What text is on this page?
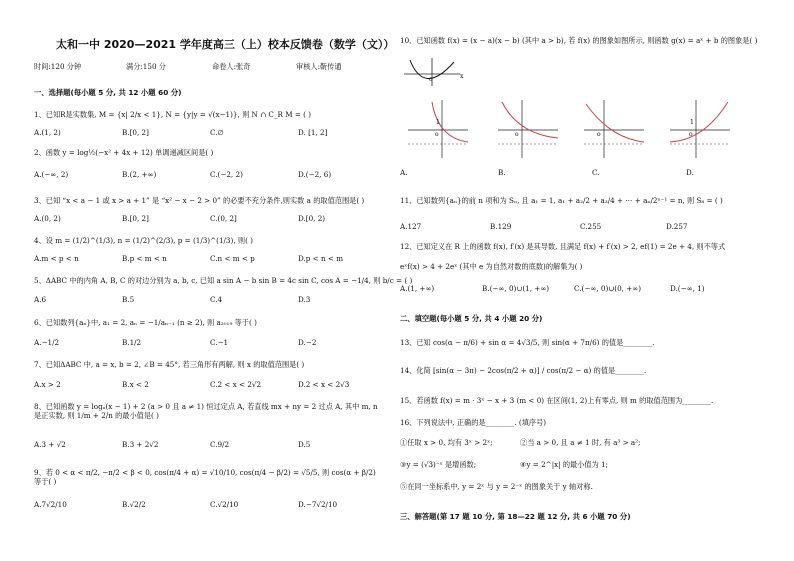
太和一中 2020—2021 学年度高三（上）校本反馈卷（数学（文））
时间:120 分钟	满分:150 分	命卷人:张奇	审核人:靳传通
一、选择题(每小题 5 分, 共 12 小题 60 分)
1、已知R是实数集, M = {x| 2/x < 1}, N = {y|y = √(x−1)}, 则 N ∩ C_R M = ( )
A.(1, 2)	B.[0, 2]	C.∅	D. [1, 2]
2、函数 y = log½(−x² + 4x + 12) 单调递减区间是( )
A.(−∞, 2)	B.(2, +∞)	C.(−2, 2)	D.(−2, 6)
3、已知 “x < a − 1 或 x > a + 1” 是 “x² − x − 2 > 0” 的必要不充分条件,则实数 a 的取值范围是( )
A.(0, 2)	B.[0, 2]	C.(0, 2]	D.[0, 2)
4、设 m = (1/2)^(1/3), n = (1/2)^(2/3), p = (1/3)^(1/3), 则( )
A.m < p < n	B.p < m < n	C.n < m < p	D.p < n < m
5、ΔABC 中的内角 A, B, C 的对边分别为 a, b, c, 已知 a sin A − b sin B = 4c sin C, cos A = −1/4, 则 b/c = ( )
A.6	B.5	C.4	D.3
6、已知数列{aₙ}中, a₁ = 2, aₙ = −1/aₙ₋₁ (n ≥ 2), 则 a₂₀₁₉ 等于( )
A.−1/2	B.1/2	C.−1	D.−2
7、已知ΔABC 中, a = x, b = 2, ∠B = 45°, 若三角形有两解, 则 x 的取值范围是( )
A.x > 2	B.x < 2	C.2 < x < 2√2	D.2 < x < 2√3
8、已知函数 y = logₐ(x − 1) + 2 (a > 0 且 a ≠ 1) 恒过定点 A, 若直线 mx + ny = 2 过点 A, 其中 m, n 是正实数, 则 1/m + 2/n 的最小值是( )
A.3 + √2	B.3 + 2√2	C.9/2	D.5
9、若 0 < α < π/2, −π/2 < β < 0, cos(π/4 + α) = √10/10, cos(π/4 − β/2) = √5/5, 则 cos(α + β/2) 等于( )
A.7√2/10	B.√2/2	C.√2/10	D.−7√2/10
10、已知函数 f(x) = (x − a)(x − b) (其中 a > b), 若 f(x) 的图象如图所示, 则函数 g(x) = aˣ + b 的图象是( )
o	x
1
o	o	o
1
o
A.	B.	C.	D.
11、已知数列{aₙ}的前 n 项和为 Sₙ, 且 a₁ = 1, a₁ + a₂/2 + a₃/4 + ⋯ + aₙ/2ⁿ⁻¹ = n, 则 S₈ = ( )
A.127	B.129	C.255	D.257
12、已知定义在 R 上的函数 f(x), f′(x) 是其导数, 且满足 f(x) + f′(x) > 2, ef(1) = 2e + 4, 则不等式
eˣf(x) > 4 + 2eˣ (其中 e 为自然对数的底数)的解集为( )
A.(1, +∞)	B.(−∞, 0)∪(1, +∞)	C.(−∞, 0)∪(0, +∞)	D.(−∞, 1)
二、填空题(每小题 5 分, 共 4 小题 20 分)
13、已知 cos(α − π/6) + sin α = 4√3/5, 则 sin(α + 7π/6) 的值是________.
14、化简 [sin(α − 3π) − 2cos(π/2 + α)] / cos(π/2 − α) 的值是________.
15、若函数 f(x) = m · 3ˣ − x + 3 (m < 0) 在区间(1, 2)上有零点, 则 m 的取值范围为________.
16、下列说法中, 正确的是________. (填序号)
①任取 x > 0, 均有 3ˣ > 2ˣ;	②当 a > 0, 且 a ≠ 1 时, 有 a³ > a²;
③y = (√3)⁻ˣ 是增函数;	④y = 2^|x| 的最小值为 1;
⑤在同一坐标系中, y = 2ˣ 与 y = 2⁻ˣ 的图象关于 y 轴对称.
三、解答题(第 17 题 10 分, 第 18—22 题 12 分, 共 6 小题 70 分)
